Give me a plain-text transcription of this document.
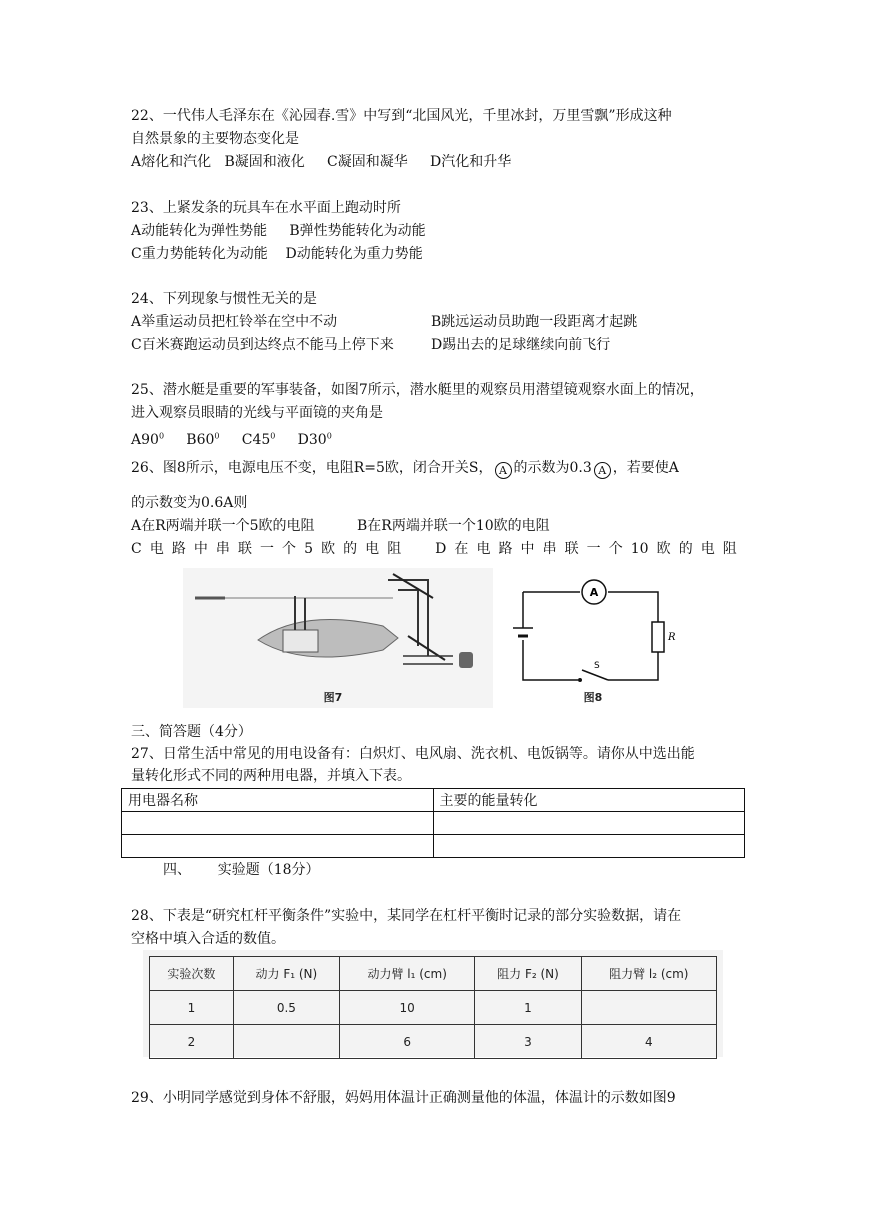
22、一代伟人毛泽东在《沁园春.雪》中写到“北国风光，千里冰封，万里雪飘”形成这种
自然景象的主要物态变化是
A熔化和汽化 B凝固和液化 C凝固和凝华 D汽化和升华
23、上紧发条的玩具车在水平面上跑动时所
A动能转化为弹性势能 B弹性势能转化为动能
C重力势能转化为动能 D动能转化为重力势能
24、下列现象与惯性无关的是
A举重运动员把杠铃举在空中不动	B跳远运动员助跑一段距离才起跳
C百米赛跑运动员到达终点不能马上停下来	D踢出去的足球继续向前飞行
25、潜水艇是重要的军事装备，如图7所示，潜水艇里的观察员用潜望镜观察水面上的情况，
进入观察员眼睛的光线与平面镜的夹角是
$A90^0$ $B60^0$ $C45^0$ $D30^0$
26、图8所示，电源电压不变，电阻R=5欧，闭合开关S， A 的示数为0.3 A ，若要使A
的示数变为0.6A则
A在R两端并联一个5欧的电阻	B在R两端并联一个10欧的电阻
C 电 路 中 串 联 一 个 5 欧 的 电 阻
D 在 电 路 中 串 联 一 个 10 欧 的 电 阻
图7
A
R
S
图8
三、简答题（4分）
27、日常生活中常见的用电设备有：白炽灯、电风扇、洗衣机、电饭锅等。请你从中选出能
量转化形式不同的两种用电器，并填入下表。
用电器名称	主要的能量转化

四、 实验题（18分）
28、下表是“研究杠杆平衡条件”实验中，某同学在杠杆平衡时记录的部分实验数据，请在
空格中填入合适的数值。
实验次数	动力 F₁ (N)	动力臂 l₁ (cm)	阻力 F₂ (N)	阻力臂 l₂ (cm)
1	0.5	10	1	
2		6	3	4
29、小明同学感觉到身体不舒服，妈妈用体温计正确测量他的体温，体温计的示数如图9
